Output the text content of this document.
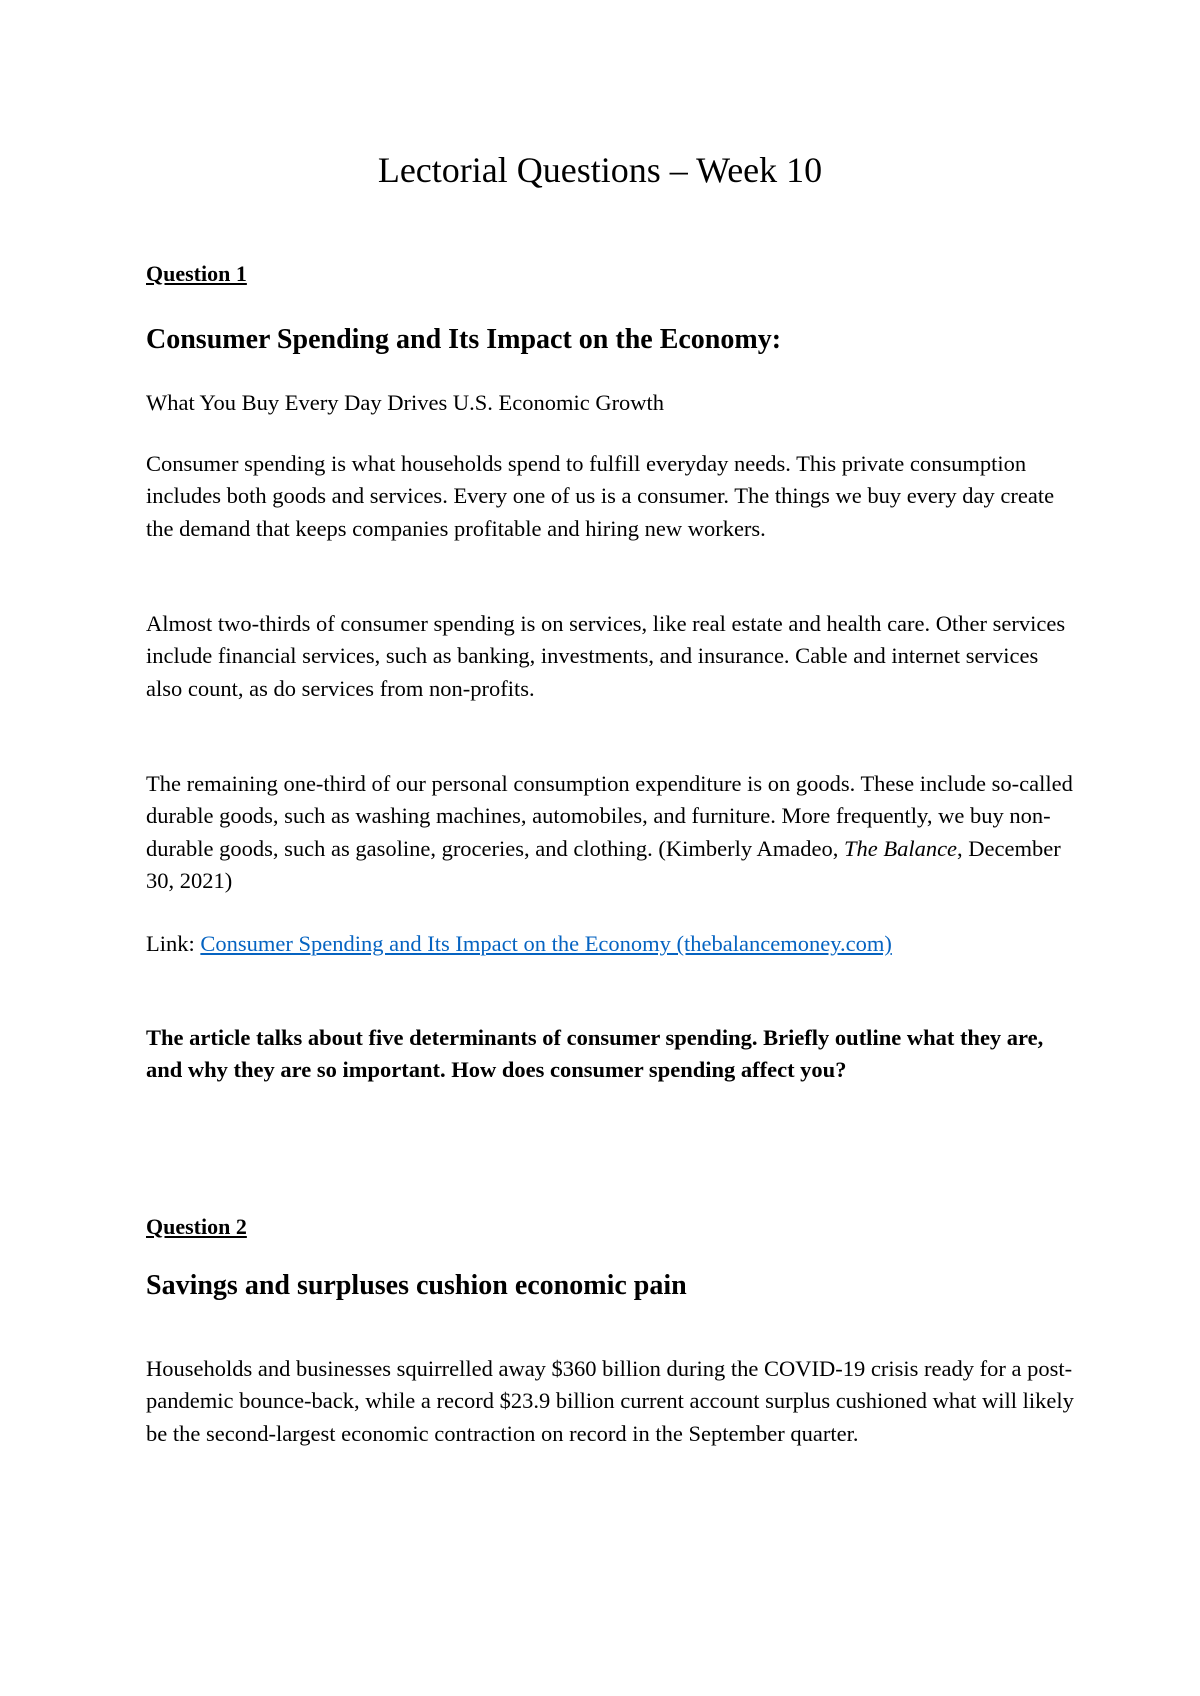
Lectorial Questions – Week 10

Question 1

Consumer Spending and Its Impact on the Economy:

What You Buy Every Day Drives U.S. Economic Growth

Consumer spending is what households spend to fulfill everyday needs. This private consumption includes both goods and services. Every one of us is a consumer. The things we buy every day create the demand that keeps companies profitable and hiring new workers.

Almost two-thirds of consumer spending is on services, like real estate and health care. Other services include financial services, such as banking, investments, and insurance. Cable and internet services also count, as do services from non-profits.

The remaining one-third of our personal consumption expenditure is on goods. These include so-called durable goods, such as washing machines, automobiles, and furniture. More frequently, we buy non-durable goods, such as gasoline, groceries, and clothing. (Kimberly Amadeo, The Balance, December 30, 2021)

Link: Consumer Spending and Its Impact on the Economy (thebalancemoney.com)

The article talks about five determinants of consumer spending. Briefly outline what they are, and why they are so important. How does consumer spending affect you?

Question 2

Savings and surpluses cushion economic pain

Households and businesses squirrelled away $360 billion during the COVID-19 crisis ready for a post-pandemic bounce-back, while a record $23.9 billion current account surplus cushioned what will likely be the second-largest economic contraction on record in the September quarter.
